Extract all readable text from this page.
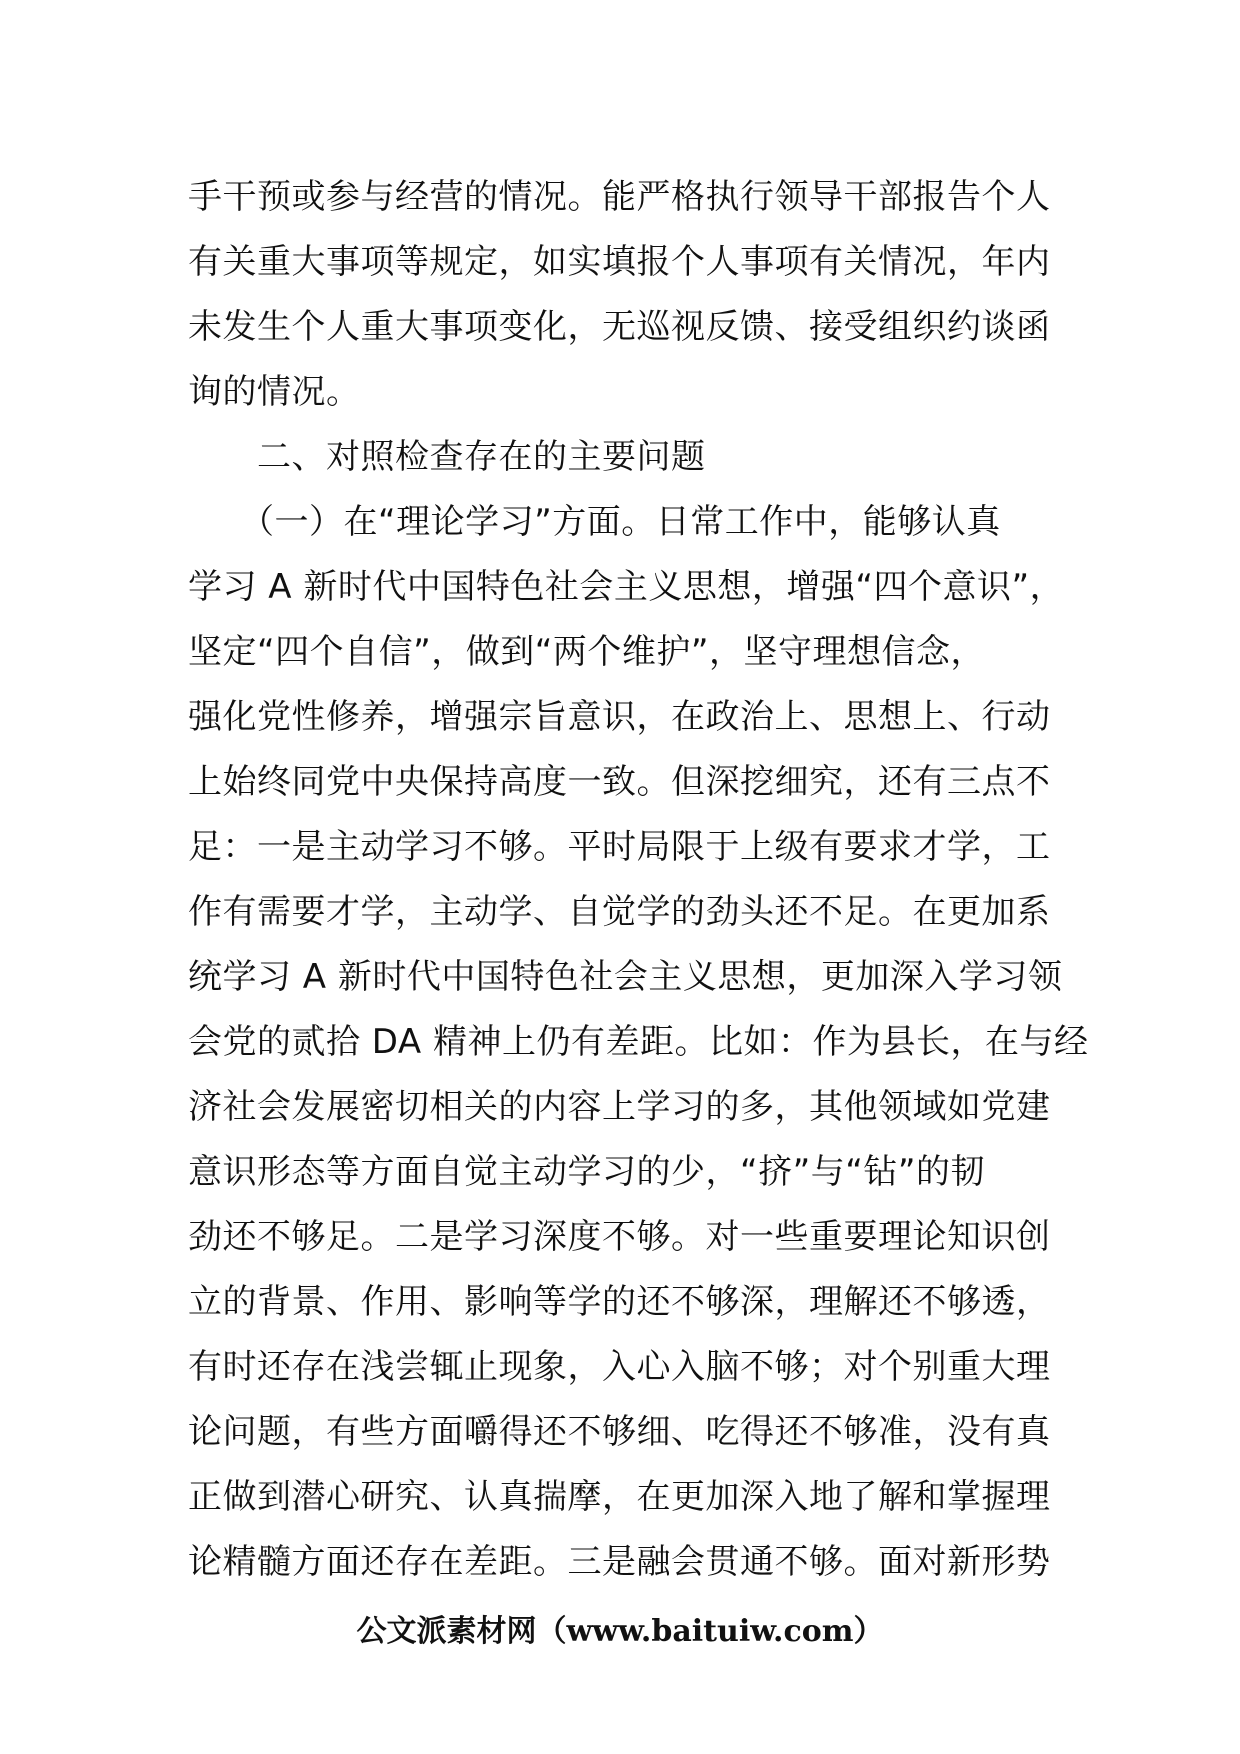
手干预或参与经营的情况。能严格执行领导干部报告个人
有关重大事项等规定，如实填报个人事项有关情况，年内
未发生个人重大事项变化，无巡视反馈、接受组织约谈函
询的情况。
　　二、对照检查存在的主要问题
　　（一）在“理论学习”方面。日常工作中，能够认真
学习 A 新时代中国特色社会主义思想，增强“四个意识”，
坚定“四个自信”，做到“两个维护”，坚守理想信念，
强化党性修养，增强宗旨意识，在政治上、思想上、行动
上始终同党中央保持高度一致。但深挖细究，还有三点不
足：一是主动学习不够。平时局限于上级有要求才学，工
作有需要才学，主动学、自觉学的劲头还不足。在更加系
统学习 A 新时代中国特色社会主义思想，更加深入学习领
会党的贰拾 DA 精神上仍有差距。比如：作为县长，在与经
济社会发展密切相关的内容上学习的多，其他领域如党建
意识形态等方面自觉主动学习的少，“挤”与“钻”的韧
劲还不够足。二是学习深度不够。对一些重要理论知识创
立的背景、作用、影响等学的还不够深，理解还不够透，
有时还存在浅尝辄止现象，入心入脑不够；对个别重大理
论问题，有些方面嚼得还不够细、吃得还不够准，没有真
正做到潜心研究、认真揣摩，在更加深入地了解和掌握理
论精髓方面还存在差距。三是融会贯通不够。面对新形势
公文派素材网（www.baituiw.com）
